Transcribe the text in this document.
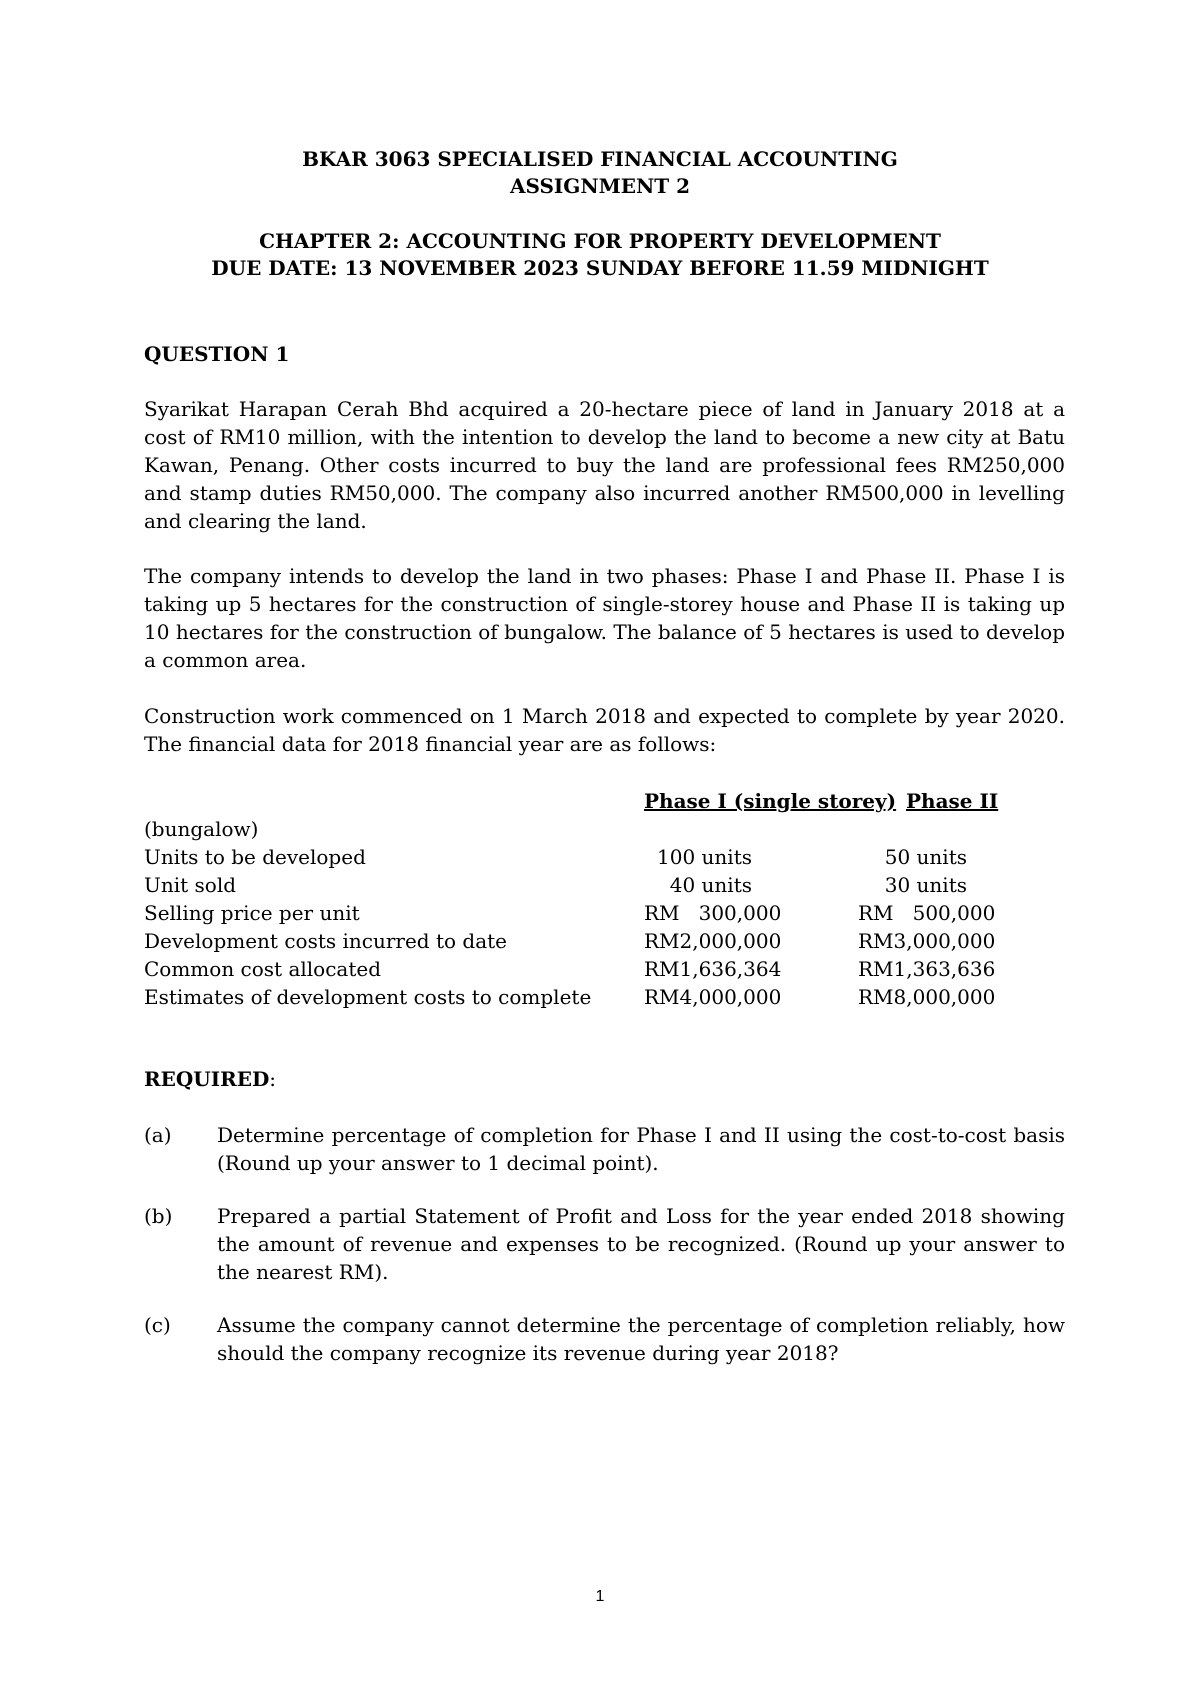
BKAR 3063 SPECIALISED FINANCIAL ACCOUNTING
ASSIGNMENT 2
CHAPTER 2: ACCOUNTING FOR PROPERTY DEVELOPMENT
DUE DATE: 13 NOVEMBER 2023 SUNDAY BEFORE 11.59 MIDNIGHT
QUESTION 1

Syarikat Harapan Cerah Bhd acquired a 20-hectare piece of land in January 2018 at a cost of RM10 million, with the intention to develop the land to become a new city at Batu Kawan, Penang. Other costs incurred to buy the land are professional fees RM250,000 and stamp duties RM50,000. The company also incurred another RM500,000 in levelling and clearing the land.

The company intends to develop the land in two phases: Phase I and Phase II. Phase I is taking up 5 hectares for the construction of single-storey house and Phase II is taking up 10 hectares for the construction of bungalow. The balance of 5 hectares is used to develop a common area.

Construction work commenced on 1 March 2018 and expected to complete by year 2020. The financial data for 2018 financial year are as follows:

Phase I (single storey) Phase II
(bungalow)
Units to be developed	100 units	50 units
Unit sold	40 units	30 units
Selling price per unit	RM   300,000	RM   500,000
Development costs incurred to date	RM2,000,000	RM3,000,000
Common cost allocated	RM1,636,364	RM1,363,636
Estimates of development costs to complete	RM4,000,000	RM8,000,000
REQUIRED:
(a) Determine percentage of completion for Phase I and II using the cost-to-cost basis (Round up your answer to 1 decimal point).
(b) Prepared a partial Statement of Profit and Loss for the year ended 2018 showing the amount of revenue and expenses to be recognized. (Round up your answer to the nearest RM).
(c) Assume the company cannot determine the percentage of completion reliably, how should the company recognize its revenue during year 2018?
1
